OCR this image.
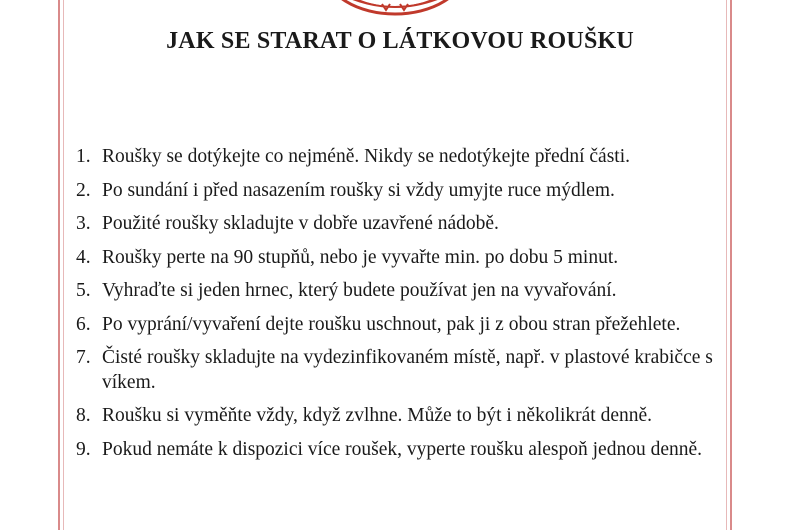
JAK SE STARAT O LÁTKOVOU ROUŠKU
1. Roušky se dotýkejte co nejméně. Nikdy se nedotýkejte přední části.
2. Po sundání i před nasazením roušky si vždy umyjte ruce mýdlem.
3. Použité roušky skladujte v dobře uzavřené nádobě.
4. Roušky perte na 90 stupňů, nebo je vyvařte min. po dobu 5 minut.
5. Vyhraďte si jeden hrnec, který budete používat jen na vyvařování.
6. Po vyprání/vyvaření dejte roušku uschnout, pak ji z obou stran přežehlete.
7. Čisté roušky skladujte na vydezinfikovaném místě, např. v plastové krabičce s víkem.
8. Roušku si vyměňte vždy, když zvlhne. Může to být i několikrát denně.
9. Pokud nemáte k dispozici více roušek, vyperte roušku alespoň jednou denně.
